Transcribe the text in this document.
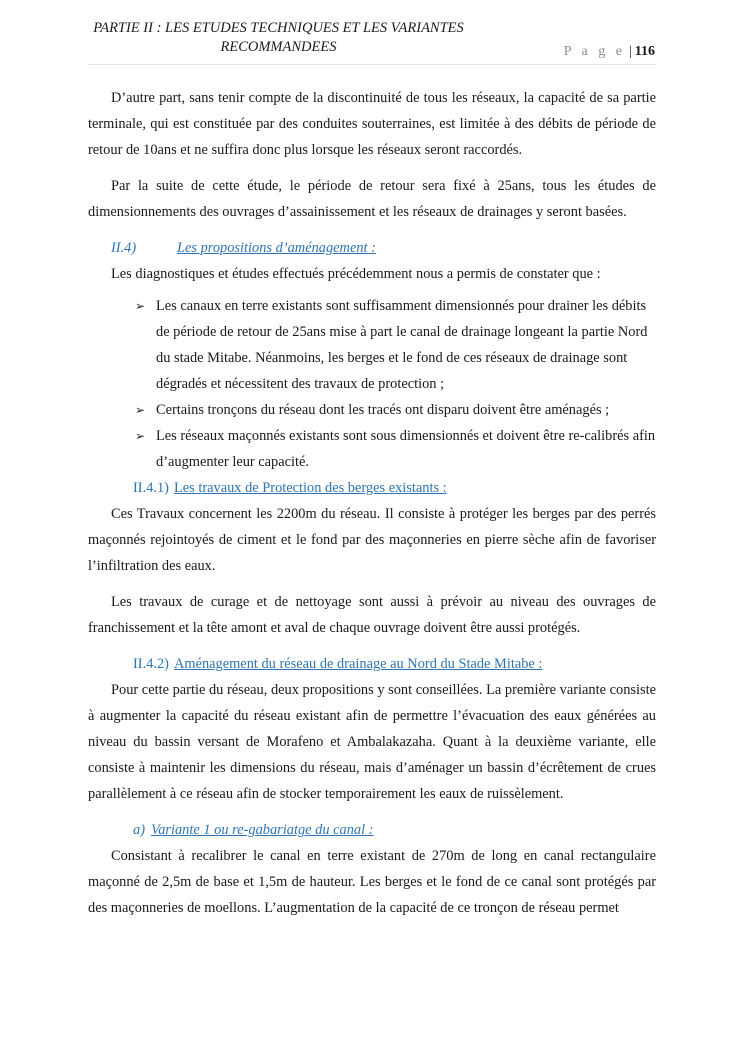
PARTIE II : LES ETUDES TECHNIQUES ET LES VARIANTES RECOMMANDEES	P a g e | 116

D’autre part, sans tenir compte de la discontinuité de tous les réseaux, la capacité de sa partie terminale, qui est constituée par des conduites souterraines, est limitée à des débits de période de retour de 10ans et ne suffira donc plus lorsque les réseaux seront raccordés.

Par la suite de cette étude, le période de retour sera fixé à 25ans, tous les études de dimensionnements des ouvrages d’assainissement et les réseaux de drainages y seront basées.

II.4)	Les propositions d’aménagement :

Les diagnostiques et études effectués précédemment nous a permis de constater que :

➢ Les canaux en terre existants sont suffisamment dimensionnés pour drainer les débits de période de retour de 25ans mise à part le canal de drainage longeant la partie Nord du stade Mitabe. Néanmoins, les berges et le fond de ces réseaux de drainage sont dégradés et nécessitent des travaux de protection ;
➢ Certains tronçons du réseau dont les tracés ont disparu doivent être aménagés ;
➢ Les réseaux maçonnés existants sont sous dimensionnés et doivent être re-calibrés afin d’augmenter leur capacité.
II.4.1) Les travaux de Protection des berges existants :

Ces Travaux concernent les 2200m du réseau. Il consiste à protéger les berges par des perrés maçonnés rejointoyés de ciment et le fond par des maçonneries en pierre sèche afin de favoriser l’infiltration des eaux.

Les travaux de curage et de nettoyage sont aussi à prévoir au niveau des ouvrages de franchissement et la tête amont et aval de chaque ouvrage doivent être aussi protégés.

II.4.2) Aménagement du réseau de drainage au Nord du Stade Mitabe :

Pour cette partie du réseau, deux propositions y sont conseillées. La première variante consiste à augmenter la capacité du réseau existant afin de permettre l’évacuation des eaux générées au niveau du bassin versant de Morafeno et Ambalakazaha. Quant à la deuxième variante, elle consiste à maintenir les dimensions du réseau, mais d’aménager un bassin d’écrêtement de crues parallèlement à ce réseau afin de stocker temporairement les eaux de ruissèlement.

a) Variante 1 ou re-gabariatge du canal :

Consistant à recalibrer le canal en terre existant de 270m de long en canal rectangulaire maçonné de 2,5m de base et 1,5m de hauteur. Les berges et le fond de ce canal sont protégés par des maçonneries de moellons. L’augmentation de la capacité de ce tronçon de réseau permet
